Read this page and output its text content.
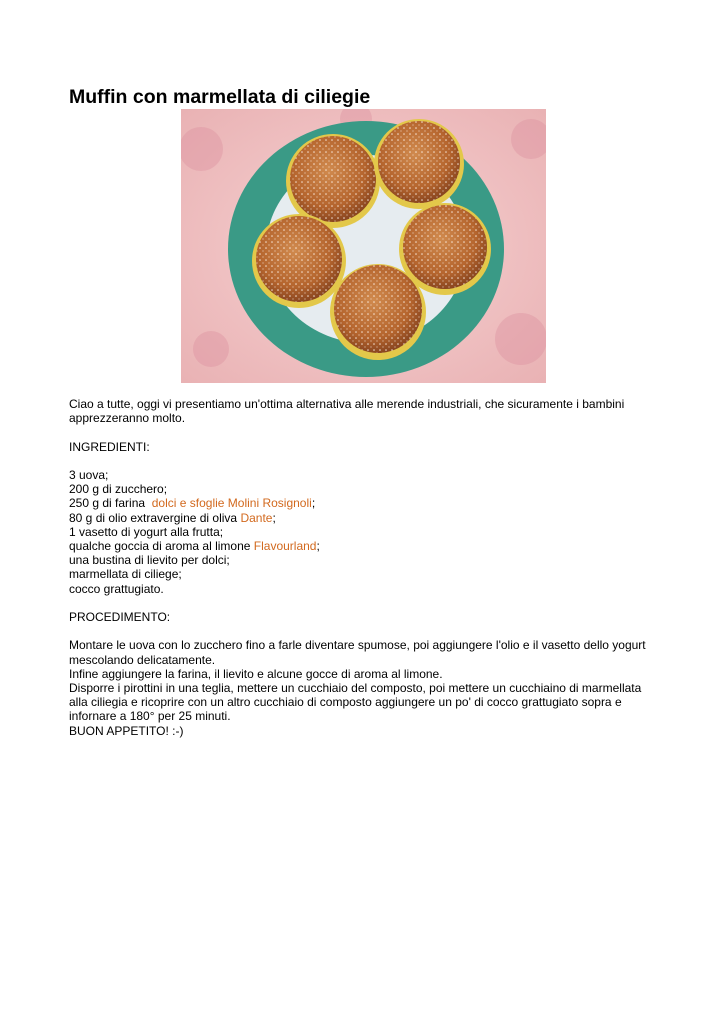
Muffin con marmellata di ciliegie

Ciao a tutte, oggi vi presentiamo un'ottima alternativa alle merende industriali, che sicuramente i bambini
apprezzeranno molto.

INGREDIENTI:

3 uova;
200 g di zucchero;
250 g di farina  dolci e sfoglie Molini Rosignoli;
80 g di olio extravergine di oliva Dante;
1 vasetto di yogurt alla frutta;
qualche goccia di aroma al limone Flavourland;
una bustina di lievito per dolci;
marmellata di ciliege;
cocco grattugiato.

PROCEDIMENTO:

Montare le uova con lo zucchero fino a farle diventare spumose, poi aggiungere l'olio e il vasetto dello yogurt
mescolando delicatamente.
Infine aggiungere la farina, il lievito e alcune gocce di aroma al limone.
Disporre i pirottini in una teglia, mettere un cucchiaio del composto, poi mettere un cucchiaino di marmellata
alla ciliegia e ricoprire con un altro cucchiaio di composto aggiungere un po' di cocco grattugiato sopra e
infornare a 180° per 25 minuti.
BUON APPETITO! :-)
